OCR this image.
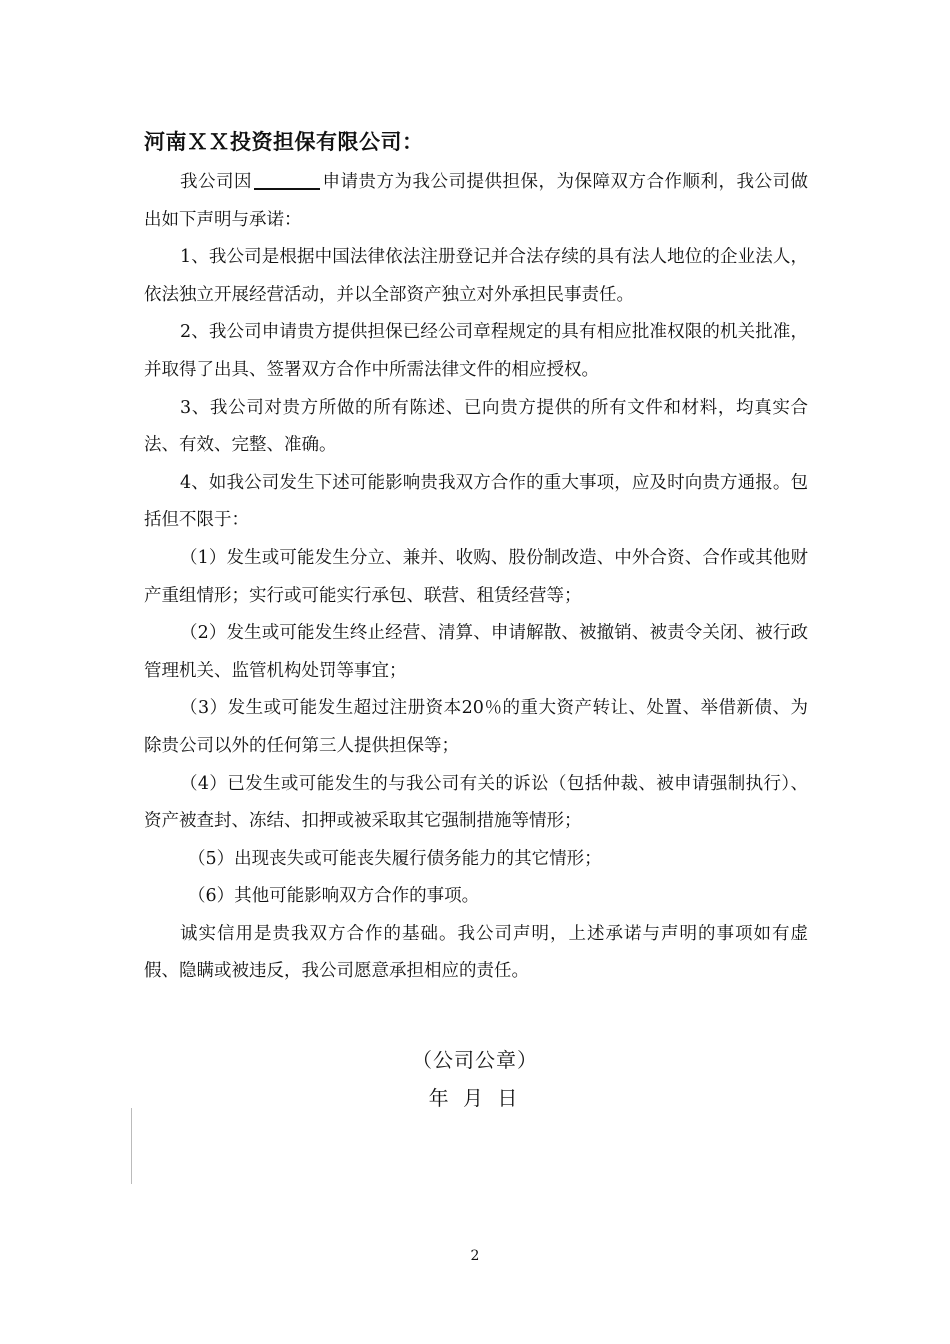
河南ＸＸ投资担保有限公司：

我公司因	申请贵方为我公司提供担保，为保障双方合作顺利，我公司做出如下声明与承诺：

1、我公司是根据中国法律依法注册登记并合法存续的具有法人地位的企业法人，依法独立开展经营活动，并以全部资产独立对外承担民事责任。

2、我公司申请贵方提供担保已经公司章程规定的具有相应批准权限的机关批准，并取得了出具、签署双方合作中所需法律文件的相应授权。

3、我公司对贵方所做的所有陈述、已向贵方提供的所有文件和材料，均真实合法、有效、完整、准确。

4、如我公司发生下述可能影响贵我双方合作的重大事项，应及时向贵方通报。包括但不限于：

（1）发生或可能发生分立、兼并、收购、股份制改造、中外合资、合作或其他财产重组情形；实行或可能实行承包、联营、租赁经营等；

（2）发生或可能发生终止经营、清算、申请解散、被撤销、被责令关闭、被行政管理机关、监管机构处罚等事宜；

（3）发生或可能发生超过注册资本20％的重大资产转让、处置、举借新债、为除贵公司以外的任何第三人提供担保等；

（4）已发生或可能发生的与我公司有关的诉讼（包括仲裁、被申请强制执行）、资产被查封、冻结、扣押或被采取其它强制措施等情形；

（5）出现丧失或可能丧失履行债务能力的其它情形；

（6）其他可能影响双方合作的事项。

诚实信用是贵我双方合作的基础。我公司声明，上述承诺与声明的事项如有虚假、隐瞒或被违反，我公司愿意承担相应的责任。

（公司公章）
年 月 日
2
